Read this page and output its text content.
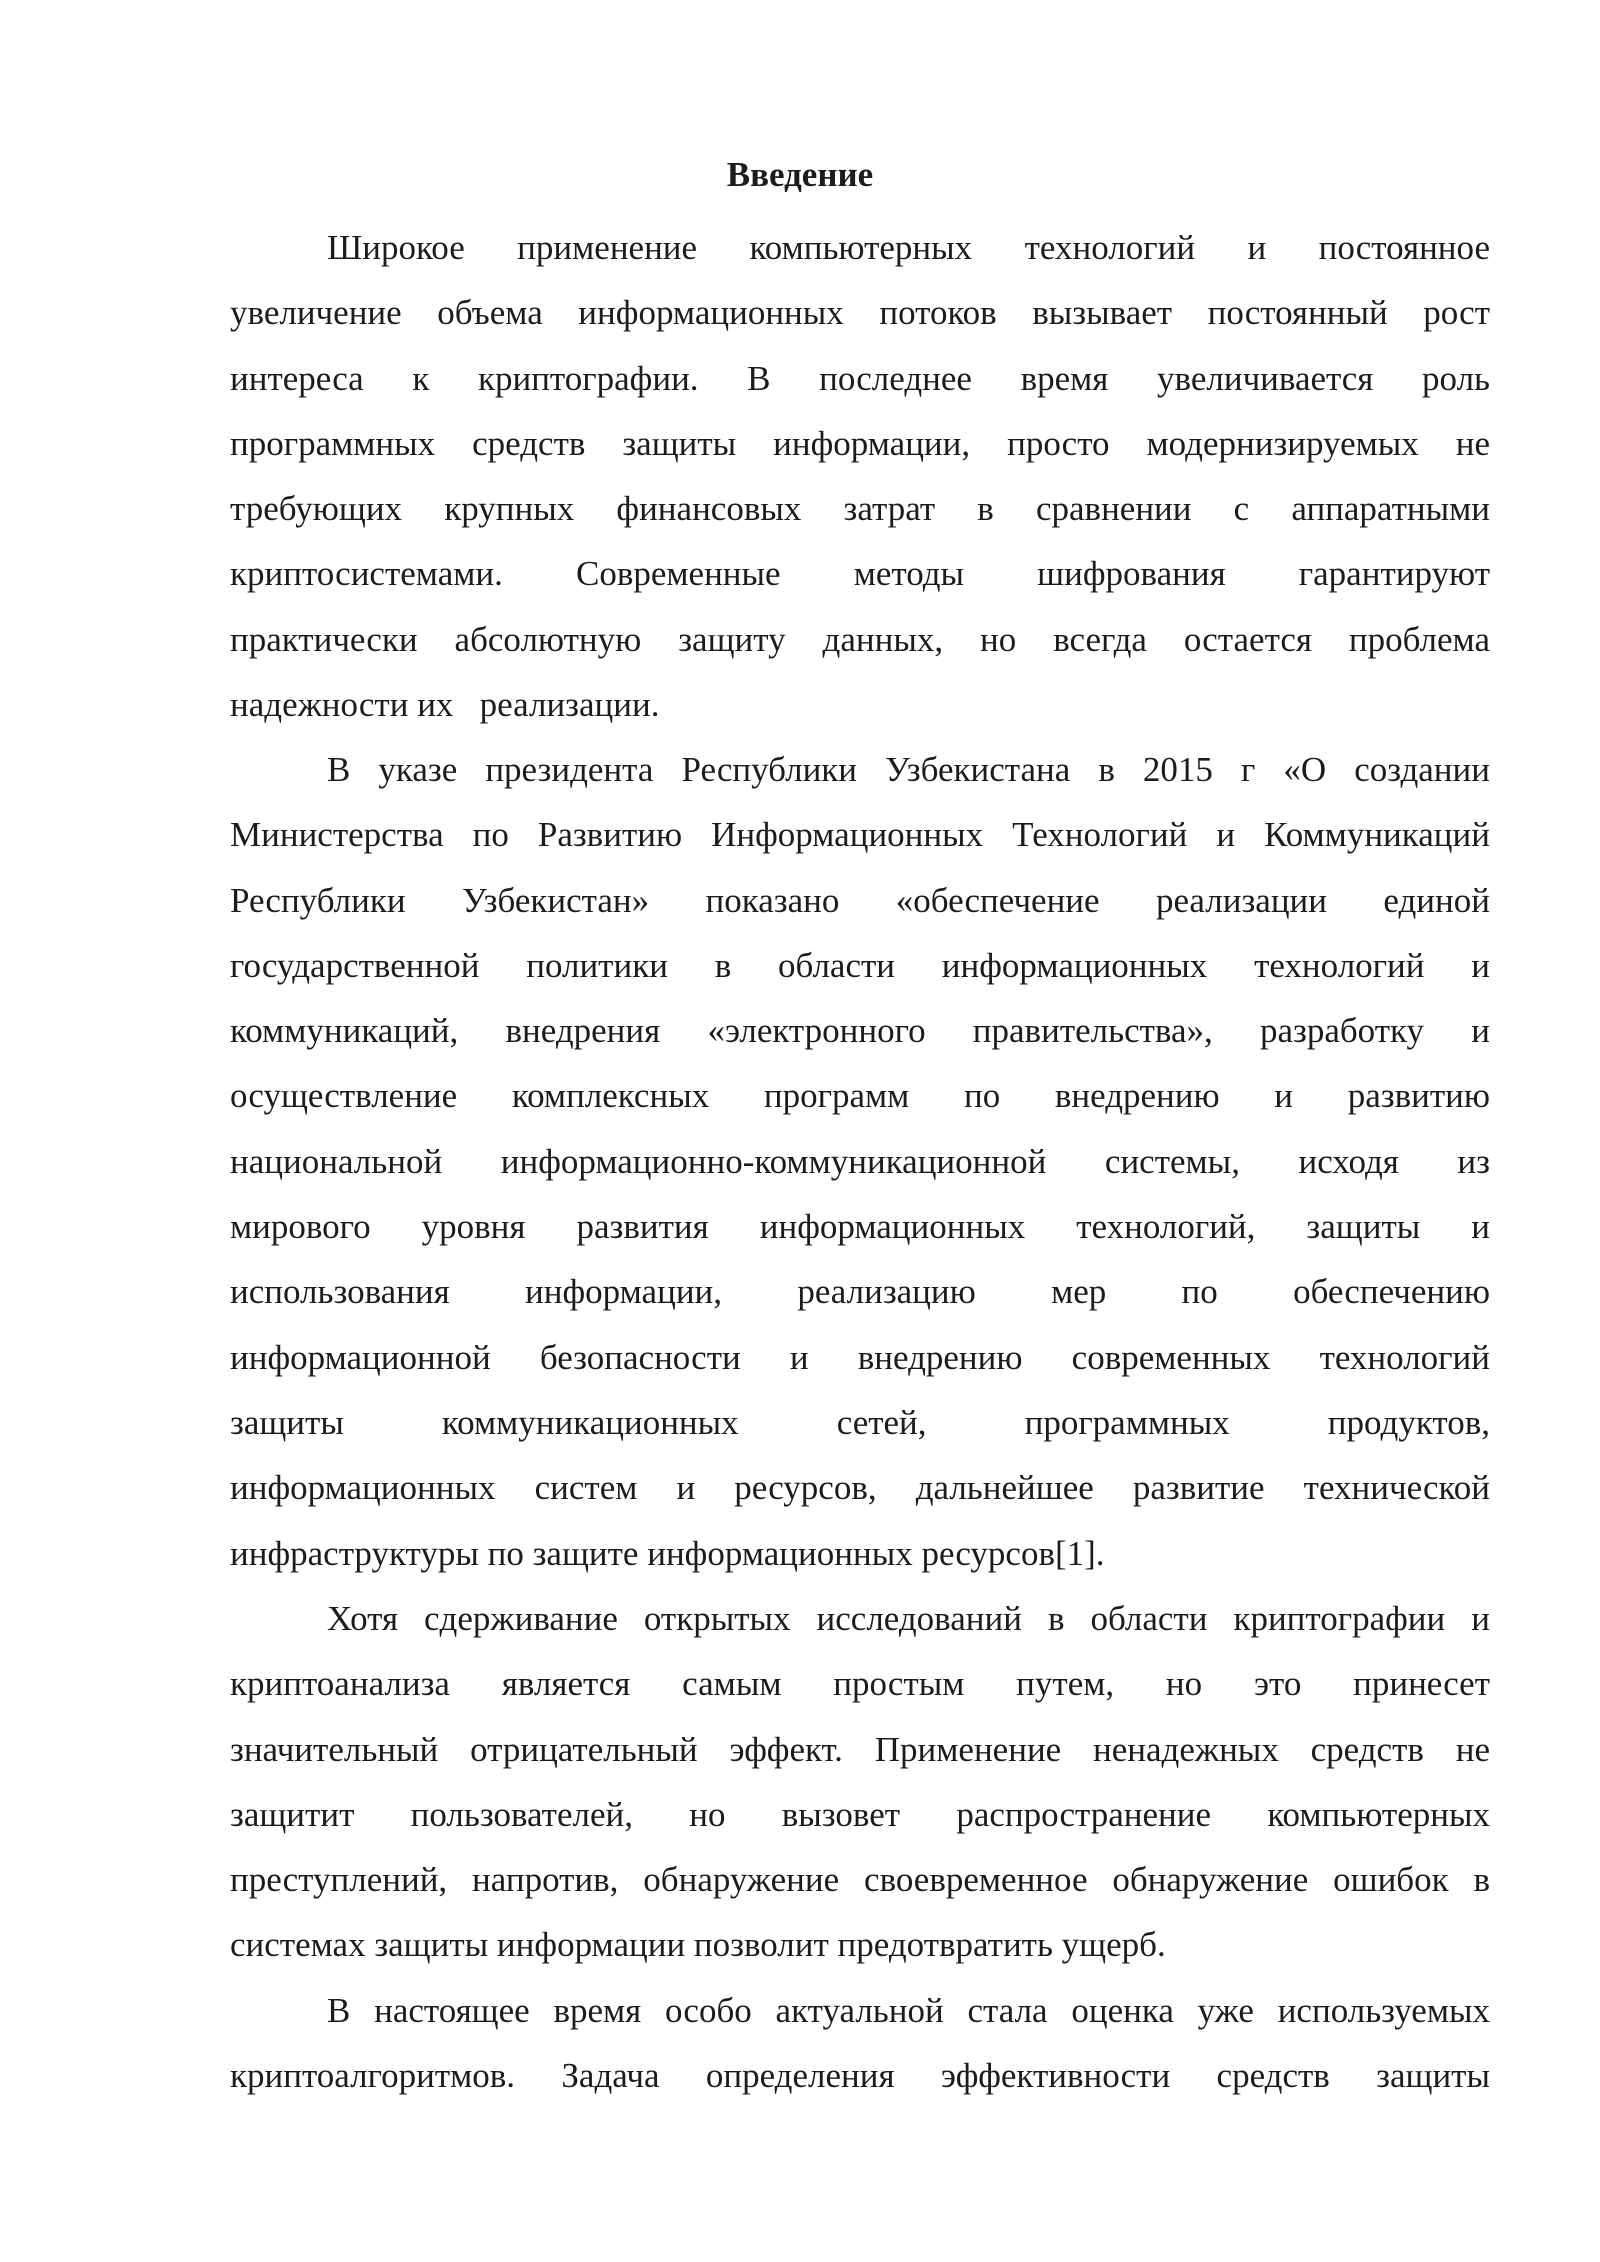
Введение

Широкое применение компьютерных технологий и постоянное
увеличение объема информационных потоков вызывает постоянный рост
интереса к криптографии. В последнее время увеличивается роль
программных средств защиты информации, просто модернизируемых не
требующих крупных финансовых затрат в сравнении с аппаратными
криптосистемами. Современные методы шифрования гарантируют
практически абсолютную защиту данных, но всегда остается проблема
надежности их   реализации.

В указе президента Республики Узбекистана в 2015 г «О создании
Министерства по Развитию Информационных Технологий и Коммуникаций
Республики Узбекистан» показано «обеспечение реализации единой
государственной политики в области информационных технологий и
коммуникаций, внедрения «электронного правительства», разработку и
осуществление комплексных программ по внедрению и развитию
национальной информационно-коммуникационной системы, исходя из
мирового уровня развития информационных технологий, защиты и
использования информации, реализацию мер по обеспечению
информационной безопасности и внедрению современных технологий
защиты коммуникационных сетей, программных продуктов,
информационных систем и ресурсов, дальнейшее развитие технической
инфраструктуры по защите информационных ресурсов[1].

Хотя сдерживание открытых исследований в области криптографии и
криптоанализа является самым простым путем, но это принесет
значительный отрицательный эффект. Применение ненадежных средств не
защитит пользователей, но вызовет распространение компьютерных
преступлений, напротив, обнаружение своевременное обнаружение ошибок в
системах защиты информации позволит предотвратить ущерб.

В настоящее время особо актуальной стала оценка уже используемых
криптоалгоритмов. Задача определения эффективности средств защиты
